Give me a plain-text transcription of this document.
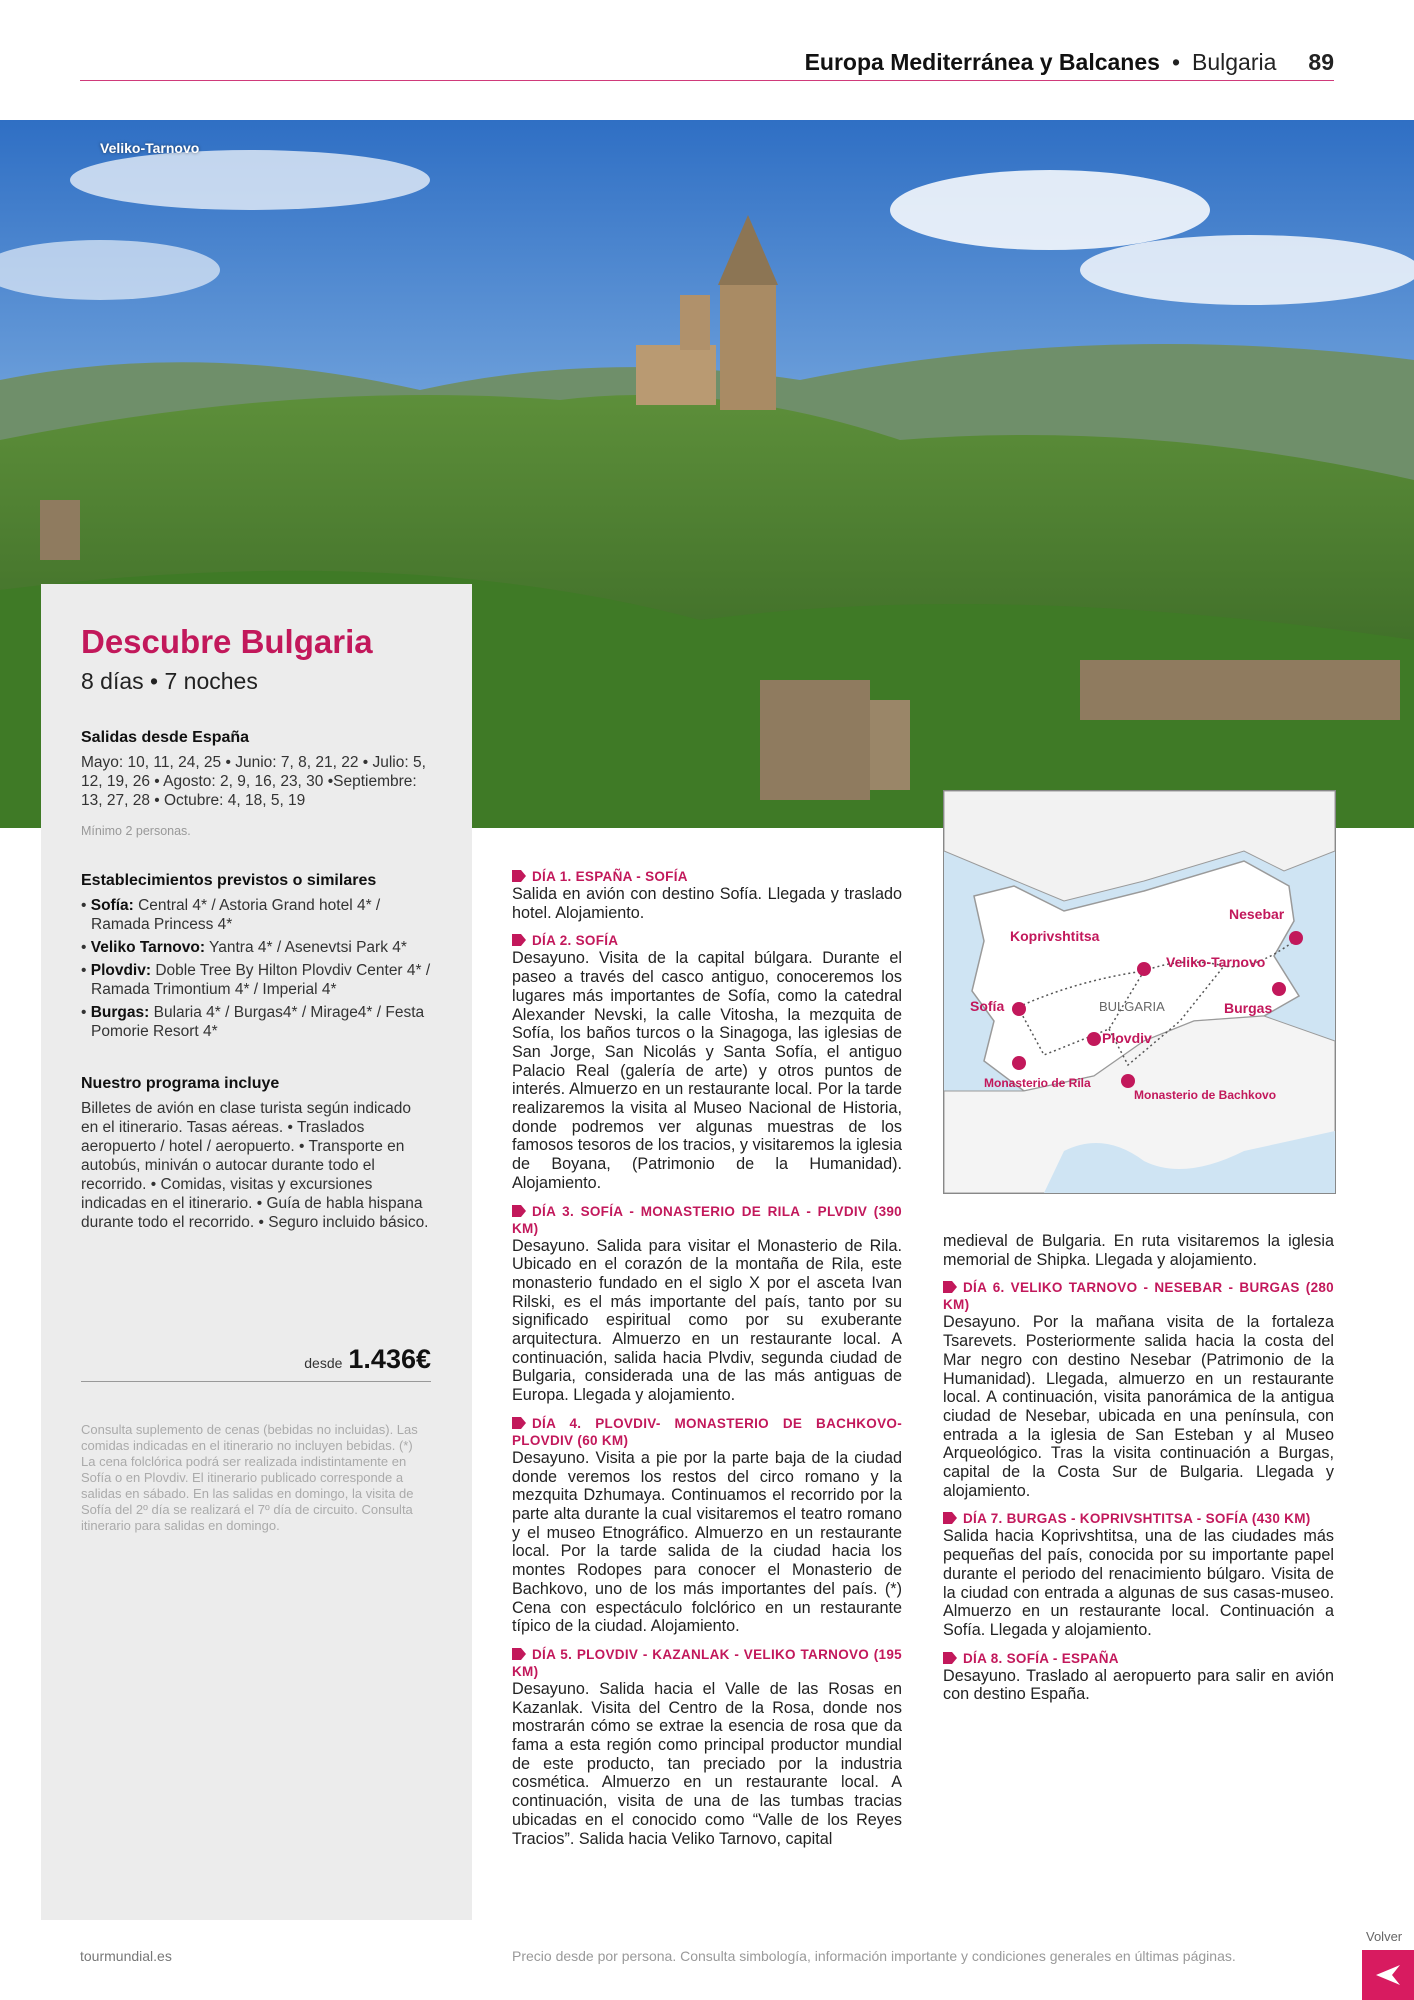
Europa Mediterránea y Balcanes • Bulgaria 89
Veliko-Tarnovo
Descubre Bulgaria
8 días • 7 noches
Salidas desde España
Mayo: 10, 11, 24, 25 • Junio: 7, 8, 21, 22 • Julio: 5, 12, 19, 26 • Agosto: 2, 9, 16, 23, 30 •Septiembre: 13, 27, 28 • Octubre: 4, 18, 5, 19
Mínimo 2 personas.
Establecimientos previstos o similares
• Sofía: Central 4* / Astoria Grand hotel 4* / Ramada Princess 4*
• Veliko Tarnovo: Yantra 4* / Asenevtsi Park 4*
• Plovdiv: Doble Tree By Hilton Plovdiv Center 4* / Ramada Trimontium 4* / Imperial 4*
• Burgas: Bularia 4* / Burgas4* / Mirage4* / Festa Pomorie Resort 4*
Nuestro programa incluye
Billetes de avión en clase turista según indicado en el itinerario. Tasas aéreas. • Traslados aeropuerto / hotel / aeropuerto. • Transporte en autobús, miniván o autocar durante todo el recorrido. • Comidas, visitas y excursiones indicadas en el itinerario. • Guía de habla hispana durante todo el recorrido. • Seguro incluido básico.
desde 1.436€
Consulta suplemento de cenas (bebidas no incluidas). Las comidas indicadas en el itinerario no incluyen bebidas. (*) La cena folclórica podrá ser realizada indistintamente en Sofía o en Plovdiv. El itinerario publicado corresponde a salidas en sábado. En las salidas en domingo, la visita de Sofía del 2º día se realizará el 7º día de circuito. Consulta itinerario para salidas en domingo.
DÍA 1. ESPAÑA - SOFÍA

Salida en avión con destino Sofía. Llegada y traslado hotel. Alojamiento.

DÍA 2. SOFÍA

Desayuno. Visita de la capital búlgara. Durante el paseo a través del casco antiguo, conoceremos los lugares más importantes de Sofía, como la catedral Alexander Nevski, la calle Vitosha, la mezquita de Sofía, los baños turcos o la Sinagoga, las iglesias de San Jorge, San Nicolás y Santa Sofía, el antiguo Palacio Real (galería de arte) y otros puntos de interés. Almuerzo en un restaurante local. Por la tarde realizaremos la visita al Museo Nacional de Historia, donde podremos ver algunas muestras de los famosos tesoros de los tracios, y visitaremos la iglesia de Boyana, (Patrimonio de la Humanidad). Alojamiento.

DÍA 3. SOFÍA - MONASTERIO DE RILA - PLVDIV (390 KM)

Desayuno. Salida para visitar el Monasterio de Rila. Ubicado en el corazón de la montaña de Rila, este monasterio fundado en el siglo X por el asceta Ivan Rilski, es el más importante del país, tanto por su significado espiritual como por su exuberante arquitectura. Almuerzo en un restaurante local. A continuación, salida hacia Plvdiv, segunda ciudad de Bulgaria, considerada una de las más antiguas de Europa. Llegada y alojamiento.

DÍA 4. PLOVDIV- MONASTERIO DE BACHKOVO-PLOVDIV (60 KM)

Desayuno. Visita a pie por la parte baja de la ciudad donde veremos los restos del circo romano y la mezquita Dzhumaya. Continuamos el recorrido por la parte alta durante la cual visitaremos el teatro romano y el museo Etnográfico. Almuerzo en un restaurante local. Por la tarde salida de la ciudad hacia los montes Rodopes para conocer el Monasterio de Bachkovo, uno de los más importantes del país. (*) Cena con espectáculo folclórico en un restaurante típico de la ciudad. Alojamiento.

DÍA 5. PLOVDIV - KAZANLAK - VELIKO TARNOVO (195 KM)

Desayuno. Salida hacia el Valle de las Rosas en Kazanlak. Visita del Centro de la Rosa, donde nos mostrarán cómo se extrae la esencia de rosa que da fama a esta región como principal productor mundial de este producto, tan preciado por la industria cosmética. Almuerzo en un restaurante local. A continuación, visita de una de las tumbas tracias ubicadas en el conocido como “Valle de los Reyes Tracios”. Salida hacia Veliko Tarnovo, capital

Nesebar
Koprivshtitsa
Veliko-Tarnovo
Sofía	Burgas
Plovdiv
Monasterio de Rila
Monasterio de Bachkovo
BULGARIA

medieval de Bulgaria. En ruta visitaremos la iglesia memorial de Shipka. Llegada y alojamiento.

DÍA 6. VELIKO TARNOVO - NESEBAR - BURGAS (280 KM)

Desayuno. Por la mañana visita de la fortaleza Tsarevets. Posteriormente salida hacia la costa del Mar negro con destino Nesebar (Patrimonio de la Humanidad). Llegada, almuerzo en un restaurante local. A continuación, visita panorámica de la antigua ciudad de Nesebar, ubicada en una península, con entrada a la iglesia de San Esteban y al Museo Arqueológico. Tras la visita continuación a Burgas, capital de la Costa Sur de Bulgaria. Llegada y alojamiento.

DÍA 7. BURGAS - KOPRIVSHTITSA - SOFÍA (430 KM)

Salida hacia Koprivshtitsa, una de las ciudades más pequeñas del país, conocida por su importante papel durante el periodo del renacimiento búlgaro. Visita de la ciudad con entrada a algunas de sus casas-museo. Almuerzo en un restaurante local. Continuación a Sofía. Llegada y alojamiento.

DÍA 8. SOFÍA - ESPAÑA

Desayuno. Traslado al aeropuerto para salir en avión con destino España.

tourmundial.es	Precio desde por persona. Consulta simbología, información importante y condiciones generales en últimas páginas.
Volver
